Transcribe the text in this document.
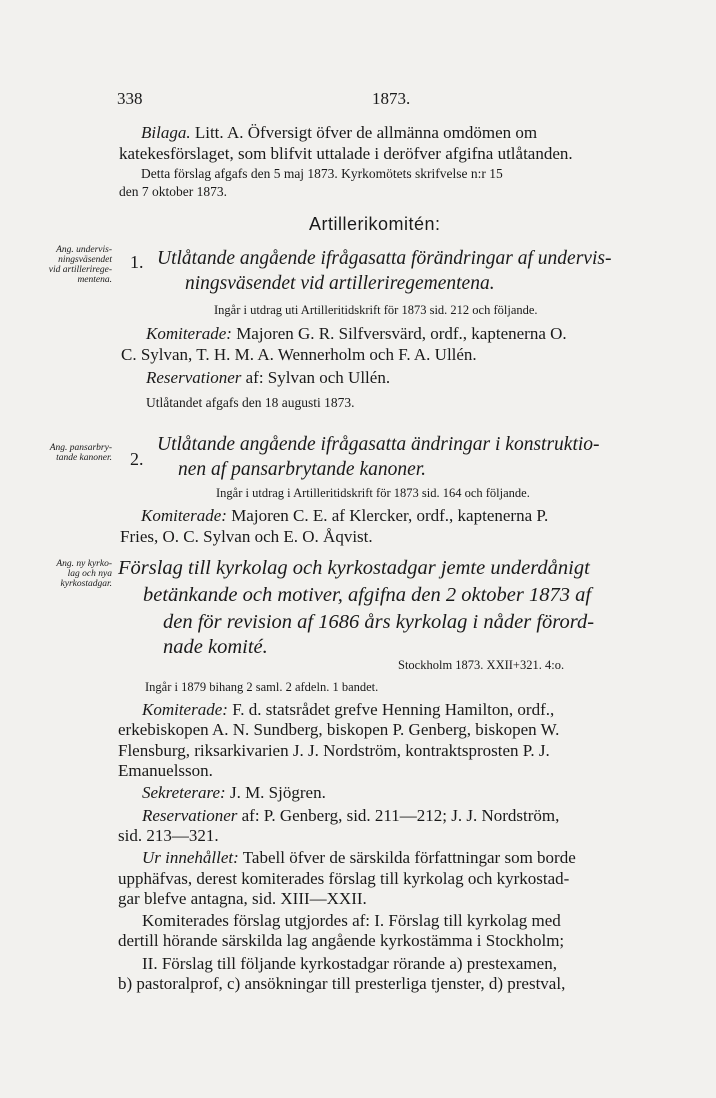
338	1873.
Bilaga. Litt. A. Öfversigt öfver de allmänna omdömen om
katekesförslaget, som blifvit uttalade i deröfver afgifna utlåtanden.
Detta förslag afgafs den 5 maj 1873. Kyrkomötets skrifvelse n:r 15
den 7 oktober 1873.
Artillerikomitén:
Ang. undervis-
ningsväsendet
vid artillerirege-
mentena.
1. Utlåtande angående ifrågasatta förändringar af undervis-
ningsväsendet vid artilleriregementena.
Ingår i utdrag uti Artilleritidskrift för 1873 sid. 212 och följande.
Komiterade: Majoren G. R. Silfversvärd, ordf., kaptenerna O.
C. Sylvan, T. H. M. A. Wennerholm och F. A. Ullén.
Reservationer af: Sylvan och Ullén.
Utlåtandet afgafs den 18 augusti 1873.
Ang. pansarbry-
tande kanoner. 2.
Utlåtande angående ifrågasatta ändringar i konstruktio-
nen af pansarbrytande kanoner.
Ingår i utdrag i Artilleritidskrift för 1873 sid. 164 och följande.
Komiterade: Majoren C. E. af Klercker, ordf., kaptenerna P.
Fries, O. C. Sylvan och E. O. Åqvist.
Ang. ny kyrko-
lag och nya
kyrkostadgar.
Förslag till kyrkolag och kyrkostadgar jemte underdånigt
betänkande och motiver, afgifna den 2 oktober 1873 af
den för revision af 1686 års kyrkolag i nåder förord-
nade komité.
Stockholm 1873. XXII+321. 4:o.
Ingår i 1879 bihang 2 saml. 2 afdeln. 1 bandet.
Komiterade: F. d. statsrådet grefve Henning Hamilton, ordf.,
erkebiskopen A. N. Sundberg, biskopen P. Genberg, biskopen W.
Flensburg, riksarkivarien J. J. Nordström, kontraktsprosten P. J.
Emanuelsson.
Sekreterare: J. M. Sjögren.
Reservationer af: P. Genberg, sid. 211—212; J. J. Nordström,
sid. 213—321.
Ur innehållet: Tabell öfver de särskilda författningar som borde
upphäfvas, derest komiterades förslag till kyrkolag och kyrkostad-
gar blefve antagna, sid. XIII—XXII.
Komiterades förslag utgjordes af: I. Förslag till kyrkolag med
dertill hörande särskilda lag angående kyrkostämma i Stockholm;
II. Förslag till följande kyrkostadgar rörande a) prestexamen,
b) pastoralprof, c) ansökningar till presterliga tjenster, d) prestval,
